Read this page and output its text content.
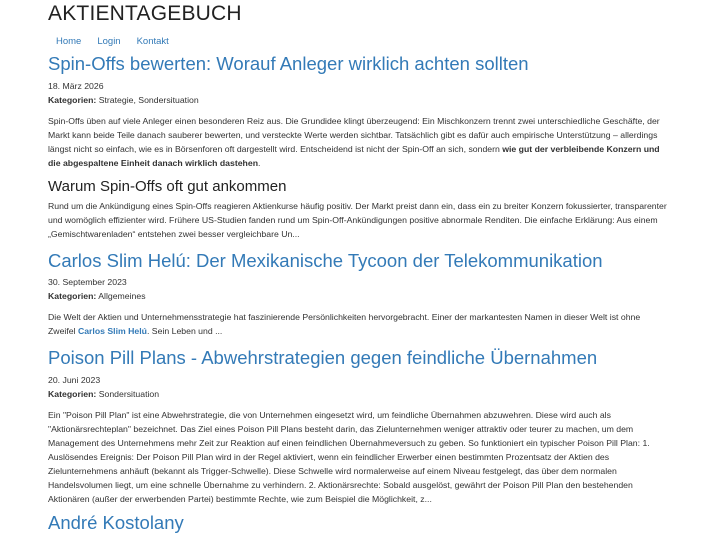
AKTIENTAGEBUCH
Home	Login	Kontakt
Spin-Offs bewerten: Worauf Anleger wirklich achten sollten
18. März 2026
Kategorien: Strategie, Sondersituation

Spin-Offs üben auf viele Anleger einen besonderen Reiz aus. Die Grundidee klingt überzeugend: Ein Mischkonzern trennt zwei unterschiedliche Geschäfte, der Markt kann beide Teile danach sauberer bewerten, und versteckte Werte werden sichtbar. Tatsächlich gibt es dafür auch empirische Unterstützung – allerdings längst nicht so einfach, wie es in Börsenforen oft dargestellt wird. Entscheidend ist nicht der Spin-Off an sich, sondern wie gut der verbleibende Konzern und die abgespaltene Einheit danach wirklich dastehen.

Warum Spin-Offs oft gut ankommen

Rund um die Ankündigung eines Spin-Offs reagieren Aktienkurse häufig positiv. Der Markt preist dann ein, dass ein zu breiter Konzern fokussierter, transparenter und womöglich effizienter wird. Frühere US-Studien fanden rund um Spin-Off-Ankündigungen positive abnormale Renditen. Die einfache Erklärung: Aus einem „Gemischtwarenladen“ entstehen zwei besser vergleichbare Un...

Carlos Slim Helú: Der Mexikanische Tycoon der Telekommunikation
30. September 2023
Kategorien: Allgemeines

Die Welt der Aktien und Unternehmensstrategie hat faszinierende Persönlichkeiten hervorgebracht. Einer der markantesten Namen in dieser Welt ist ohne Zweifel Carlos Slim Helú. Sein Leben und ...

Poison Pill Plans - Abwehrstrategien gegen feindliche Übernahmen
20. Juni 2023
Kategorien: Sondersituation

Ein "Poison Pill Plan" ist eine Abwehrstrategie, die von Unternehmen eingesetzt wird, um feindliche Übernahmen abzuwehren. Diese wird auch als "Aktionärsrechteplan" bezeichnet. Das Ziel eines Poison Pill Plans besteht darin, das Zielunternehmen weniger attraktiv oder teurer zu machen, um dem Management des Unternehmens mehr Zeit zur Reaktion auf einen feindlichen Übernahmeversuch zu geben. So funktioniert ein typischer Poison Pill Plan: 1. Auslösendes Ereignis: Der Poison Pill Plan wird in der Regel aktiviert, wenn ein feindlicher Erwerber einen bestimmten Prozentsatz der Aktien des Zielunternehmens anhäuft (bekannt als Trigger-Schwelle). Diese Schwelle wird normalerweise auf einem Niveau festgelegt, das über dem normalen Handelsvolumen liegt, um eine schnelle Übernahme zu verhindern. 2. Aktionärsrechte: Sobald ausgelöst, gewährt der Poison Pill Plan den bestehenden Aktionären (außer der erwerbenden Partei) bestimmte Rechte, wie zum Beispiel die Möglichkeit, z...

André Kostolany
